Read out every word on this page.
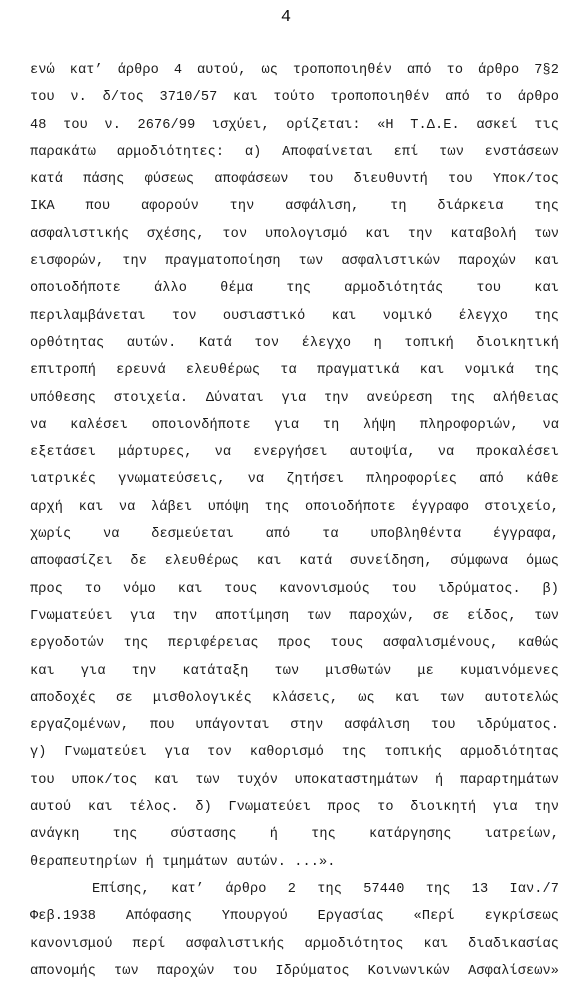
4
ενώ κατ’ άρθρο 4 αυτού, ως τροποποιηθέν από το άρθρο 7§2
του ν. δ/τος 3710/57 και τούτο τροποποιηθέν από το άρθρο
48 του ν. 2676/99 ισχύει, ορίζεται: «Η Τ.Δ.Ε. ασκεί τις
παρακάτω αρμοδιότητες: α) Αποφαίνεται επί των ενστάσεων
κατά πάσης φύσεως αποφάσεων του διευθυντή του Υποκ/τος
ΙΚΑ που αφορούν την ασφάλιση, τη διάρκεια της
ασφαλιστικής σχέσης, τον υπολογισμό και την καταβολή των
εισφορών, την πραγματοποίηση των ασφαλιστικών παροχών και
οποιοδήποτε άλλο θέμα της αρμοδιότητάς του και
περιλαμβάνεται τον ουσιαστικό και νομικό έλεγχο της
ορθότητας αυτών. Κατά τον έλεγχο η τοπική διοικητική
επιτροπή ερευνά ελευθέρως τα πραγματικά και νομικά της
υπόθεσης στοιχεία. Δύναται για την ανεύρεση της αλήθειας
να καλέσει οποιονδήποτε για τη λήψη πληροφοριών, να
εξετάσει μάρτυρες, να ενεργήσει αυτοψία, να προκαλέσει
ιατρικές γνωματεύσεις, να ζητήσει πληροφορίες από κάθε
αρχή και να λάβει υπόψη της οποιοδήποτε έγγραφο στοιχείο,
χωρίς να δεσμεύεται από τα υποβληθέντα έγγραφα,
αποφασίζει δε ελευθέρως και κατά συνείδηση, σύμφωνα όμως
προς το νόμο και τους κανονισμούς του ιδρύματος. β)
Γνωματεύει για την αποτίμηση των παροχών, σε είδος, των
εργοδοτών της περιφέρειας προς τους ασφαλισμένους, καθώς
και για την κατάταξη των μισθωτών με κυμαινόμενες
αποδοχές σε μισθολογικές κλάσεις, ως και των αυτοτελώς
εργαζομένων, που υπάγονται στην ασφάλιση του ιδρύματος.
γ) Γνωματεύει για τον καθορισμό της τοπικής αρμοδιότητας
του υποκ/τος και των τυχόν υποκαταστημάτων ή παραρτημάτων
αυτού και τέλος. δ) Γνωματεύει προς το διοικητή για την
ανάγκη της σύστασης ή της κατάργησης ιατρείων,
θεραπευτηρίων ή τμημάτων αυτών. ...».
Επίσης, κατ’ άρθρο 2 της 57440 της 13 Ιαν./7
Φεβ.1938 Απόφασης Υπουργού Εργασίας «Περί εγκρίσεως
κανονισμού περί ασφαλιστικής αρμοδιότητος και διαδικασίας
απονομής των παροχών του Ιδρύματος Κοινωνικών Ασφαλίσεων»
